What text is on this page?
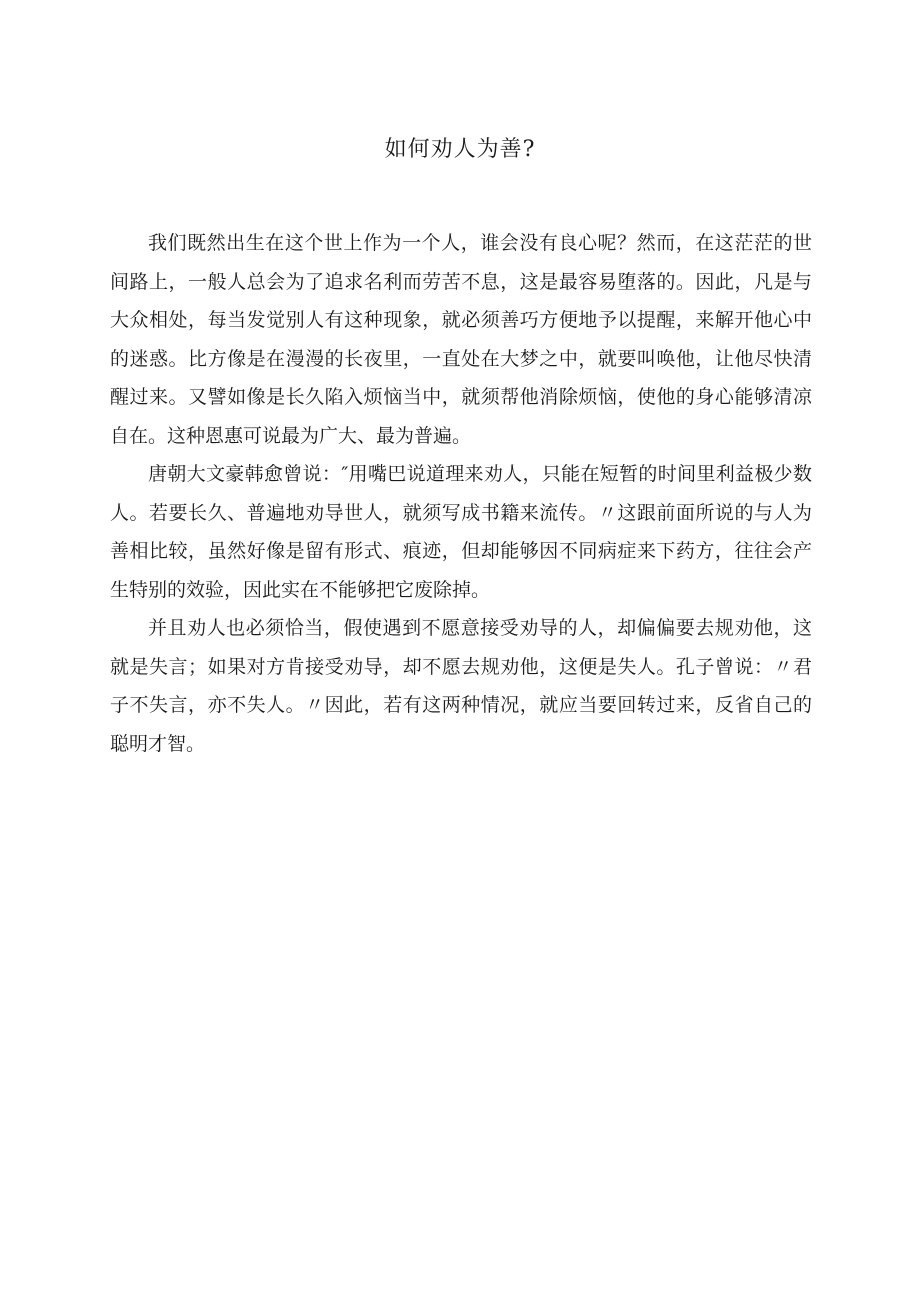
如何劝人为善?

我们既然出生在这个世上作为一个人，谁会没有良心呢？然而，在这茫茫的世间路上，一般人总会为了追求名利而劳苦不息，这是最容易堕落的。因此，凡是与大众相处，每当发觉别人有这种现象，就必须善巧方便地予以提醒，来解开他心中的迷惑。比方像是在漫漫的长夜里，一直处在大梦之中，就要叫唤他，让他尽快清醒过来。又譬如像是长久陷入烦恼当中，就须帮他消除烦恼，使他的身心能够清凉自在。这种恩惠可说最为广大、最为普遍。

唐朝大文豪韩愈曾说：″用嘴巴说道理来劝人，只能在短暂的时间里利益极少数人。若要长久、普遍地劝导世人，就须写成书籍来流传。〃这跟前面所说的与人为善相比较，虽然好像是留有形式、痕迹，但却能够因不同病症来下药方，往往会产生特别的效验，因此实在不能够把它废除掉。

并且劝人也必须恰当，假使遇到不愿意接受劝导的人，却偏偏要去规劝他，这就是失言；如果对方肯接受劝导，却不愿去规劝他，这便是失人。孔子曾说：〃君子不失言，亦不失人。〃因此，若有这两种情况，就应当要回转过来，反省自己的聪明才智。
